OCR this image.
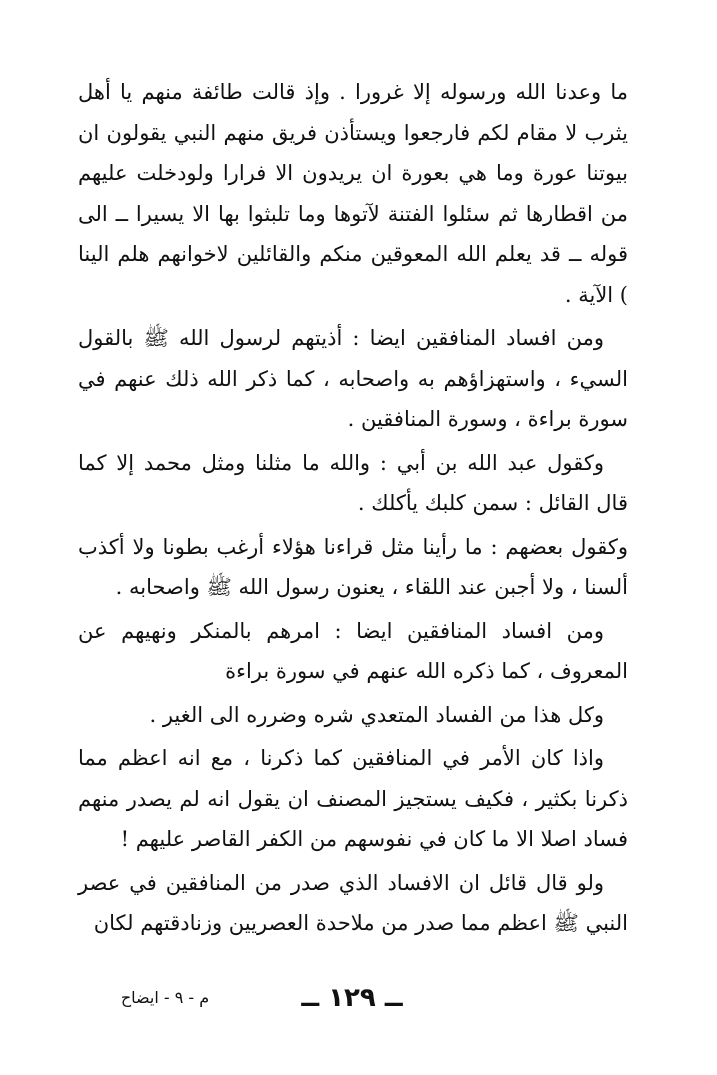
ما وعدنا الله ورسوله إلا غرورا . وإذ قالت طائفة منهم يا أهل يثرب لا مقام لكم فارجعوا ويستأذن فريق منهم النبي يقولون ان بيوتنا عورة وما هي بعورة ان يريدون الا فرارا ولودخلت عليهم من اقطارها ثم سئلوا الفتنة لآتوها وما تلبثوا بها الا يسيرا ــ الى قوله ــ قد يعلم الله المعوقين منكم والقائلين لاخوانهم هلم الينا ) الآية .

ومن افساد المنافقين ايضا : أذيتهم لرسول الله ﷺ بالقول السيء ، واستهزاؤهم به واصحابه ، كما ذكر الله ذلك عنهم في سورة براءة ، وسورة المنافقين .

وكقول عبد الله بن أبي : والله ما مثلنا ومثل محمد إلا كما قال القائل : سمن كلبك يأكلك .

وكقول بعضهم : ما رأينا مثل قراءنا هؤلاء أرغب بطونا ولا أكذب ألسنا ، ولا أجبن عند اللقاء ، يعنون رسول الله ﷺ واصحابه .

ومن افساد المنافقين ايضا : امرهم بالمنكر ونهيهم عن المعروف ، كما ذكره الله عنهم في سورة براءة

وكل هذا من الفساد المتعدي شره وضرره الى الغير .

واذا كان الأمر في المنافقين كما ذكرنا ، مع انه اعظم مما ذكرنا بكثير ، فكيف يستجيز المصنف ان يقول انه لم يصدر منهم فساد اصلا الا ما كان في نفوسهم من الكفر القاصر عليهم !

ولو قال قائل ان الافساد الذي صدر من المنافقين في عصر النبي ﷺ اعظم مما صدر من ملاحدة العصريين وزنادقتهم لكان

ــ ١٢٩ ــ
م - ٩ - ايضاح
